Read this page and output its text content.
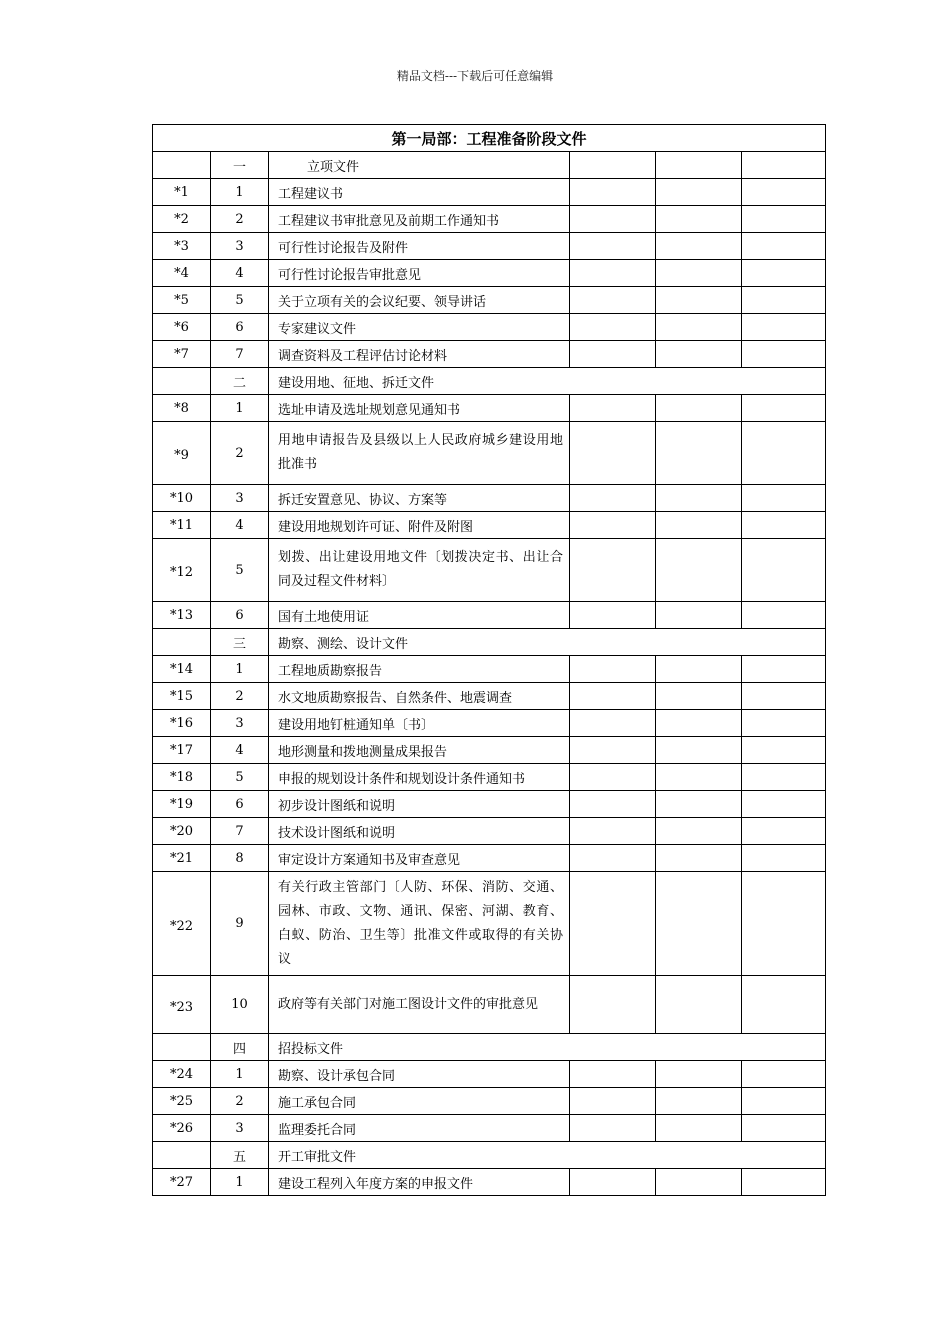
精品文档---下载后可任意编辑
第一局部：工程准备阶段文件						
	一	立项文件				
*1	1	工程建议书				
*2	2	工程建议书审批意见及前期工作通知书				
*3	3	可行性讨论报告及附件				
*4	4	可行性讨论报告审批意见				
*5	5	关于立项有关的会议纪要、领导讲话				
*6	6	专家建议文件				
*7	7	调查资料及工程评估讨论材料				
	二	建设用地、征地、拆迁文件				
*8	1	选址申请及选址规划意见通知书				
*9	2	用地申请报告及县级以上人民政府城乡建设用地批准书				

*10	3	拆迁安置意见、协议、方案等				
*11	4	建设用地规划许可证、附件及附图				
*12	5	划拨、出让建设用地文件〔划拨决定书、出让合同及过程文件材料〕				

*13	6	国有土地使用证				
	三	勘察、测绘、设计文件				
*14	1	工程地质勘察报告				
*15	2	水文地质勘察报告、自然条件、地震调查				
*16	3	建设用地钉桩通知单〔书〕				
*17	4	地形测量和拨地测量成果报告				
*18	5	申报的规划设计条件和规划设计条件通知书				
*19	6	初步设计图纸和说明				
*20	7	技术设计图纸和说明				
*21	8	审定设计方案通知书及审查意见				
*22	9	有关行政主管部门〔人防、环保、消防、交通、园林、市政、文物、通讯、保密、河湖、教育、白蚁、防治、卫生等〕批准文件或取得的有关协议				

*23	10	政府等有关部门对施工图设计文件的审批意见				

	四	招投标文件				
*24	1	勘察、设计承包合同				
*25	2	施工承包合同				
*26	3	监理委托合同				
	五	开工审批文件				
*27	1	建设工程列入年度方案的申报文件				
